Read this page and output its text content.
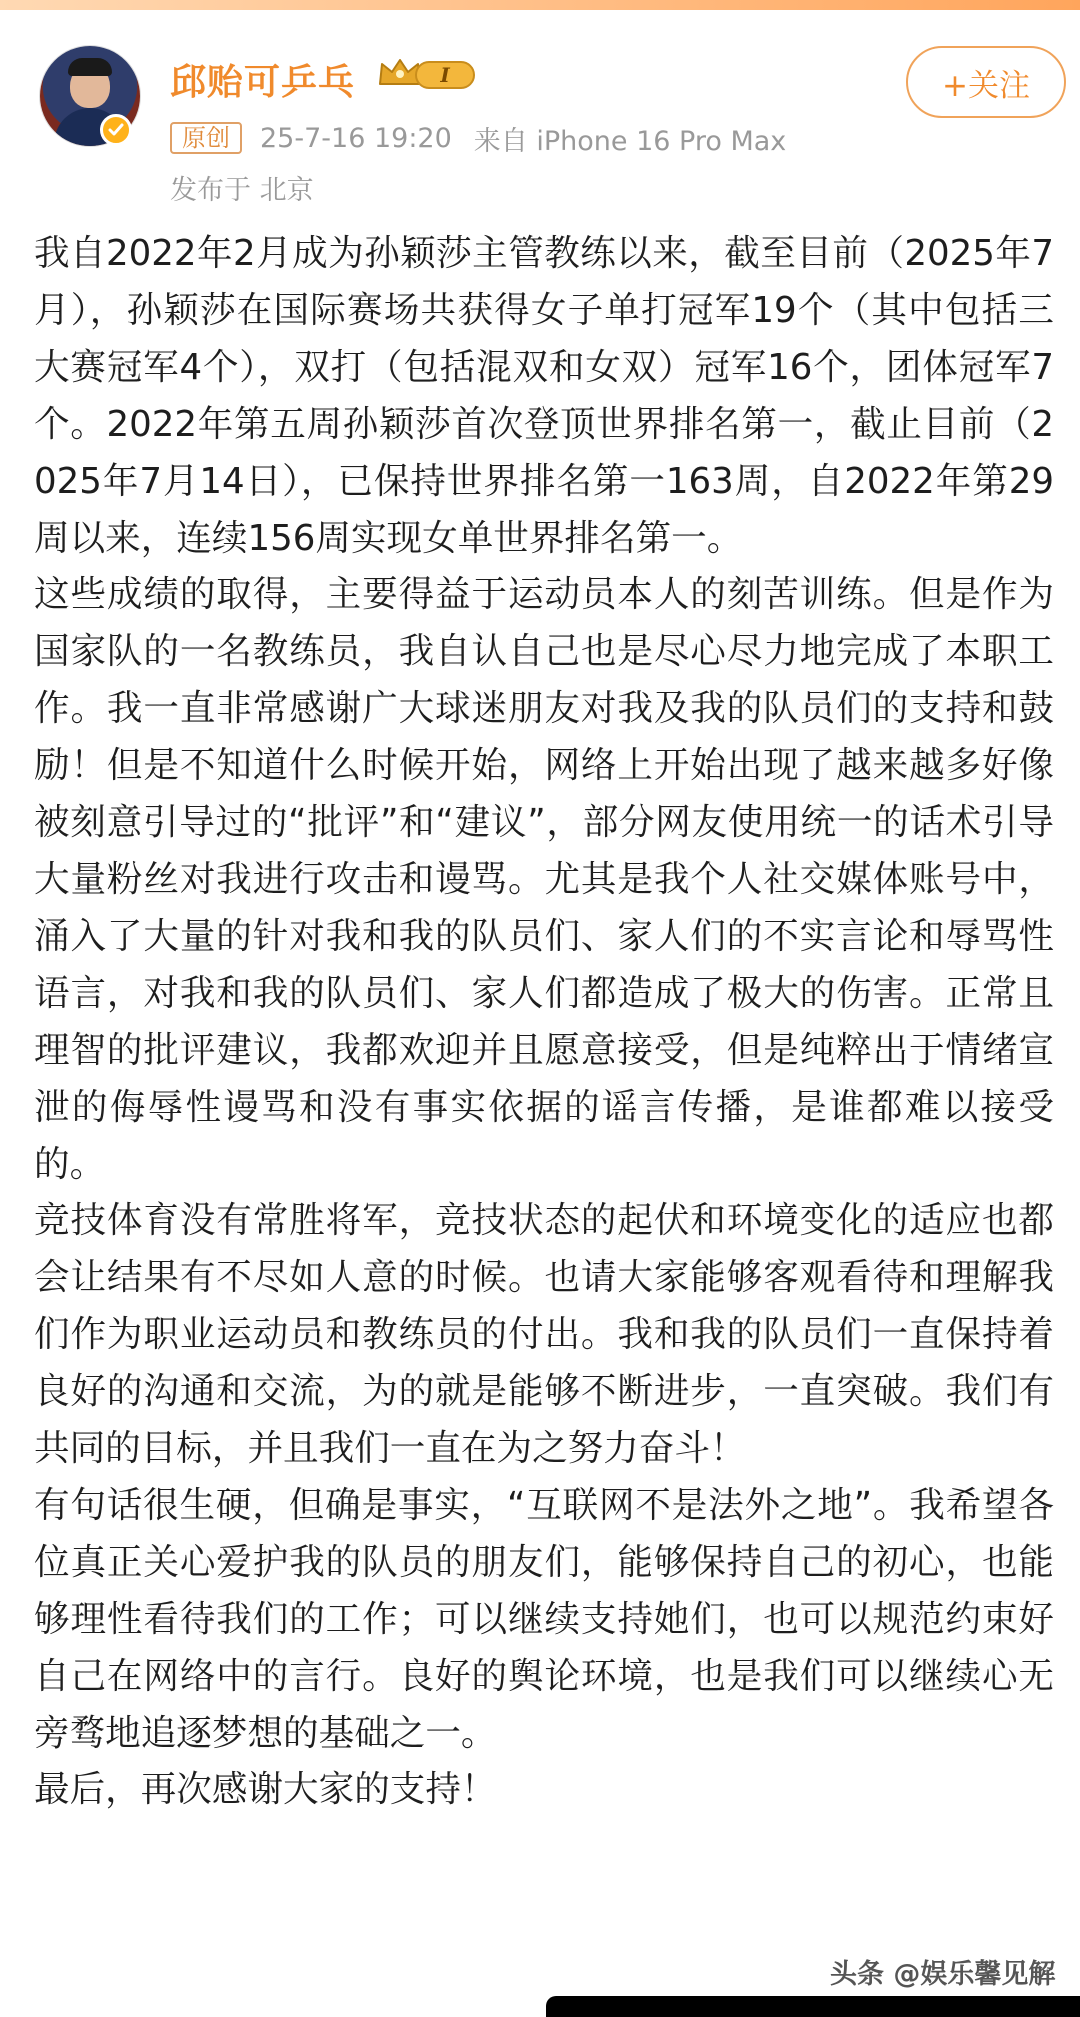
邱贻可乒乓	I
原创	25-7-16 19:20 来自 iPhone 16 Pro Max
发布于 北京
+关注

我自2022年2月成为孙颖莎主管教练以来，截至目前（2025年7月），孙颖莎在国际赛场共获得女子单打冠军19个（其中包括三大赛冠军4个），双打（包括混双和女双）冠军16个，团体冠军7个。2022年第五周孙颖莎首次登顶世界排名第一，截止目前（2025年7月14日），已保持世界排名第一163周，自2022年第29周以来，连续156周实现女单世界排名第一。

这些成绩的取得，主要得益于运动员本人的刻苦训练。但是作为国家队的一名教练员，我自认自己也是尽心尽力地完成了本职工作。我一直非常感谢广大球迷朋友对我及我的队员们的支持和鼓励！但是不知道什么时候开始，网络上开始出现了越来越多好像被刻意引导过的“批评”和“建议”，部分网友使用统一的话术引导大量粉丝对我进行攻击和谩骂。尤其是我个人社交媒体账号中，涌入了大量的针对我和我的队员们、家人们的不实言论和辱骂性语言，对我和我的队员们、家人们都造成了极大的伤害。正常且理智的批评建议，我都欢迎并且愿意接受，但是纯粹出于情绪宣泄的侮辱性谩骂和没有事实依据的谣言传播，是谁都难以接受的。

竞技体育没有常胜将军，竞技状态的起伏和环境变化的适应也都会让结果有不尽如人意的时候。也请大家能够客观看待和理解我们作为职业运动员和教练员的付出。我和我的队员们一直保持着良好的沟通和交流，为的就是能够不断进步，一直突破。我们有共同的目标，并且我们一直在为之努力奋斗！

有句话很生硬，但确是事实，“互联网不是法外之地”。我希望各位真正关心爱护我的队员的朋友们，能够保持自己的初心，也能够理性看待我们的工作；可以继续支持她们，也可以规范约束好自己在网络中的言行。良好的舆论环境，也是我们可以继续心无旁骛地追逐梦想的基础之一。

最后，再次感谢大家的支持！

头条 @娱乐馨见解
